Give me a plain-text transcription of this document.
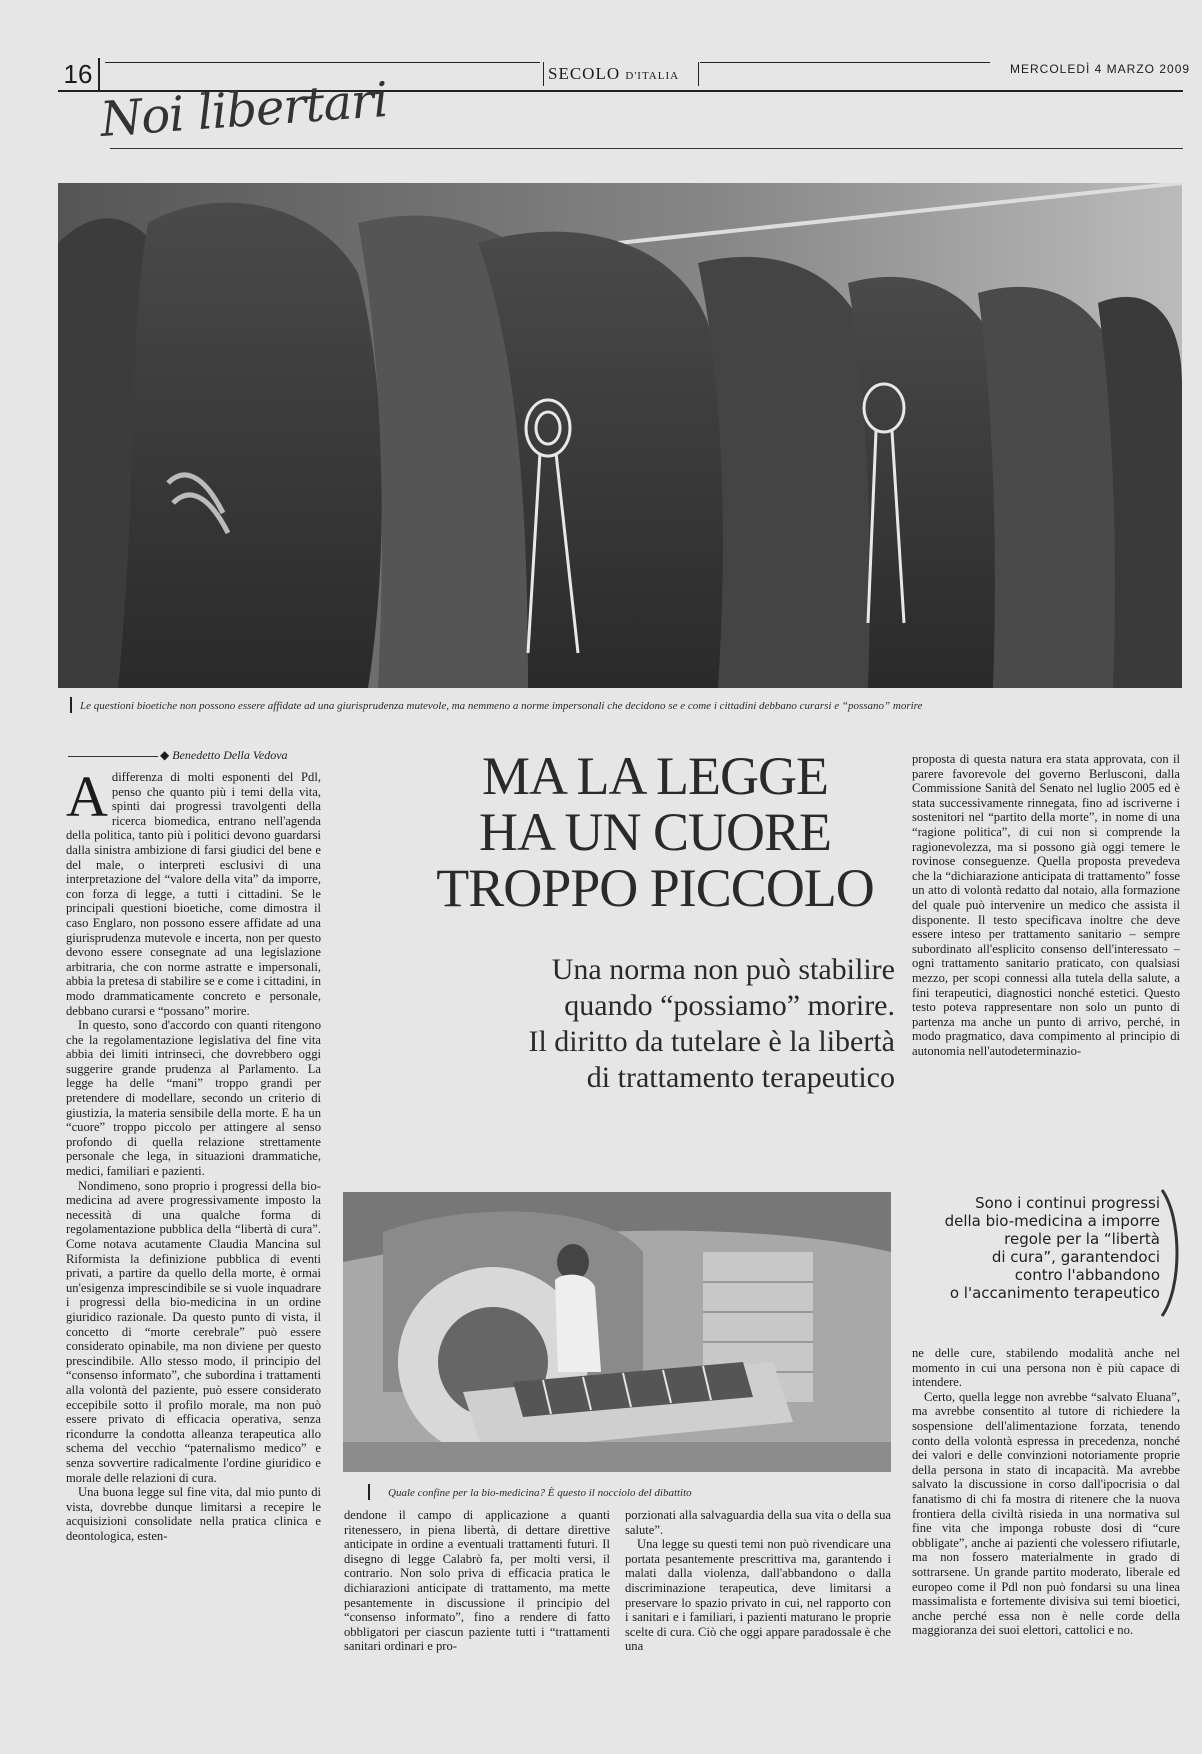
16	SECOLO D'ITALIA	MERCOLEDÌ 4 MARZO 2009
Noi libertari
Le questioni bioetiche non possono essere affidate ad una giurisprudenza mutevole, ma nemmeno a norme impersonali che decidono se e come i cittadini debbano curarsi e “possano” morire
◆ Benedetto Della Vedova
A differenza di molti esponenti del Pdl, penso che quanto più i temi della vita, spinti dai progressi travolgenti della ricerca biomedica, entrano nell'agenda della politica, tanto più i politici devono guardarsi dalla sinistra ambizione di farsi giudici del bene e del male, o interpreti esclusivi di una interpretazione del “valore della vita” da imporre, con forza di legge, a tutti i cittadini. Se le principali questioni bioetiche, come dimostra il caso Englaro, non possono essere affidate ad una giurisprudenza mutevole e incerta, non per questo devono essere consegnate ad una legislazione arbitraria, che con norme astratte e impersonali, abbia la pretesa di stabilire se e come i cittadini, in modo drammaticamente concreto e personale, debbano curarsi e “possano” morire.

In questo, sono d'accordo con quanti ritengono che la regolamentazione legislativa del fine vita abbia dei limiti intrinseci, che dovrebbero oggi suggerire grande prudenza al Parlamento. La legge ha delle “mani” troppo grandi per pretendere di modellare, secondo un criterio di giustizia, la materia sensibile della morte. E ha un “cuore” troppo piccolo per attingere al senso profondo di quella relazione strettamente personale che lega, in situazioni drammatiche, medici, familiari e pazienti.

Nondimeno, sono proprio i progressi della bio-medicina ad avere progressivamente imposto la necessità di una qualche forma di regolamentazione pubblica della “libertà di cura”. Come notava acutamente Claudia Mancina sul Riformista la definizione pubblica di eventi privati, a partire da quello della morte, è ormai un'esigenza imprescindibile se si vuole inquadrare i progressi della bio-medicina in un ordine giuridico razionale. Da questo punto di vista, il concetto di “morte cerebrale” può essere considerato opinabile, ma non diviene per questo prescindibile. Allo stesso modo, il principio del “consenso informato”, che subordina i trattamenti alla volontà del paziente, può essere considerato eccepibile sotto il profilo morale, ma non può essere privato di efficacia operativa, senza ricondurre la condotta alleanza terapeutica allo schema del vecchio “paternalismo medico” e senza sovvertire radicalmente l'ordine giuridico e morale delle relazioni di cura.

Una buona legge sul fine vita, dal mio punto di vista, dovrebbe dunque limitarsi a recepire le acquisizioni consolidate nella pratica clinica e deontologica, esten-

MA LA LEGGE
HA UN CUORE
TROPPO PICCOLO
Una norma non può stabilire
quando “possiamo” morire.
Il diritto da tutelare è la libertà
di trattamento terapeutico

proposta di questa natura era stata approvata, con il parere favorevole del governo Berlusconi, dalla Commissione Sanità del Senato nel luglio 2005 ed è stata successivamente rinnegata, fino ad iscriverne i sostenitori nel “partito della morte”, in nome di una “ragione politica”, di cui non si comprende la ragionevolezza, ma si possono già oggi temere le rovinose conseguenze. Quella proposta prevedeva che la “dichiarazione anticipata di trattamento” fosse un atto di volontà redatto dal notaio, alla formazione del quale può intervenire un medico che assista il disponente. Il testo specificava inoltre che deve essere inteso per trattamento sanitario – sempre subordinato all'esplicito consenso dell'interessato – ogni trattamento sanitario praticato, con qualsiasi mezzo, per scopi connessi alla tutela della salute, a fini terapeutici, diagnostici nonché estetici. Questo testo poteva rappresentare non solo un punto di partenza ma anche un punto di arrivo, perché, in modo pragmatico, dava compimento al principio di autonomia nell'autodeterminazio-

Sono i continui progressi
della bio-medicina a imporre
regole per la “libertà
di cura”, garantendoci
contro l'abbandono
o l'accanimento terapeutico
Quale confine per la bio-medicina? È questo il nocciolo del dibattito

dendone il campo di applicazione a quanti ritenessero, in piena libertà, di dettare direttive anticipate in ordine a eventuali trattamenti futuri. Il disegno di legge Calabrò fa, per molti versi, il contrario. Non solo priva di efficacia pratica le dichiarazioni anticipate di trattamento, ma mette pesantemente in discussione il principio del “consenso informato”, fino a rendere di fatto obbligatori per ciascun paziente tutti i “trattamenti sanitari ordinari e pro-

porzionati alla salvaguardia della sua vita o della sua salute”.

Una legge su questi temi non può rivendicare una portata pesantemente prescrittiva ma, garantendo i malati dalla violenza, dall'abbandono o dalla discriminazione terapeutica, deve limitarsi a preservare lo spazio privato in cui, nel rapporto con i sanitari e i familiari, i pazienti maturano le proprie scelte di cura. Ciò che oggi appare paradossale è che una

ne delle cure, stabilendo modalità anche nel momento in cui una persona non è più capace di intendere.

Certo, quella legge non avrebbe “salvato Eluana”, ma avrebbe consentito al tutore di richiedere la sospensione dell'alimentazione forzata, tenendo conto della volontà espressa in precedenza, nonché dei valori e delle convinzioni notoriamente proprie della persona in stato di incapacità. Ma avrebbe salvato la discussione in corso dall'ipocrisia o dal fanatismo di chi fa mostra di ritenere che la nuova frontiera della civiltà risieda in una normativa sul fine vita che imponga robuste dosi di “cure obbligate”, anche ai pazienti che volessero rifiutarle, ma non fossero materialmente in grado di sottrarsene. Un grande partito moderato, liberale ed europeo come il Pdl non può fondarsi su una linea massimalista e fortemente divisiva sui temi bioetici, anche perché essa non è nelle corde della maggioranza dei suoi elettori, cattolici e no.
